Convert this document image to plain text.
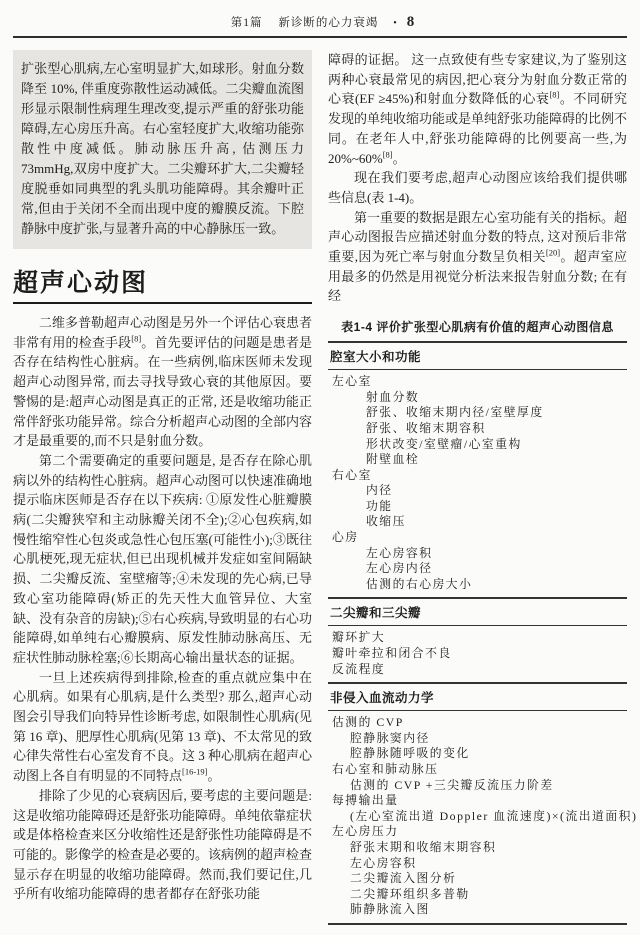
第1篇 新诊断的心力衰竭 • 8
扩张型心肌病,左心室明显扩大,如球形。射血分数降至 10%, 伴重度弥散性运动减低。二尖瓣血流图形显示限制性病理生理改变,提示严重的舒张功能障碍,左心房压升高。右心室轻度扩大,收缩功能弥散性中度减低。肺动脉压升高, 估测压力 73mmHg,双房中度扩大。二尖瓣环扩大,二尖瓣轻度脱垂如同典型的乳头肌功能障碍。其余瓣叶正常,但由于关闭不全而出现中度的瓣膜反流。下腔静脉中度扩张,与显著升高的中心静脉压一致。
超声心动图

二维多普勒超声心动图是另外一个评估心衰患者非常有用的检查手段[8]。首先要评估的问题是患者是否存在结构性心脏病。在一些病例,临床医师未发现超声心动图异常, 而去寻找导致心衰的其他原因。要警惕的是:超声心动图是真正的正常, 还是收缩功能正常伴舒张功能异常。综合分析超声心动图的全部内容才是最重要的,而不只是射血分数。

第二个需要确定的重要问题是, 是否存在除心肌病以外的结构性心脏病。超声心动图可以快速准确地提示临床医师是否存在以下疾病: ①原发性心脏瓣膜病(二尖瓣狭窄和主动脉瓣关闭不全);②心包疾病,如慢性缩窄性心包炎或急性心包压塞(可能性小);③既往心肌梗死,现无症状,但已出现机械并发症如室间隔缺损、二尖瓣反流、室壁瘤等;④未发现的先心病,已导致心室功能障碍(矫正的先天性大血管异位、大室缺、没有杂音的房缺);⑤右心疾病,导致明显的右心功能障碍,如单纯右心瓣膜病、原发性肺动脉高压、无症状性肺动脉栓塞;⑥长期高心输出量状态的证据。

一旦上述疾病得到排除,检查的重点就应集中在心肌病。如果有心肌病,是什么类型? 那么,超声心动图会引导我们向特异性诊断考虑, 如限制性心肌病(见第 16 章)、肥厚性心肌病(见第 13 章)、不太常见的致心律失常性右心室发育不良。这 3 种心肌病在超声心动图上各自有明显的不同特点[16-19]。

排除了少见的心衰病因后, 要考虑的主要问题是:这是收缩功能障碍还是舒张功能障碍。单纯依靠症状或是体格检查来区分收缩性还是舒张性功能障碍是不可能的。影像学的检查是必要的。该病例的超声检查显示存在明显的收缩功能障碍。然而,我们要记住,几乎所有收缩功能障碍的患者都存在舒张功能

障碍的证据。 这一点致使有些专家建议,为了鉴别这两种心衰最常见的病因,把心衰分为射血分数正常的心衰(EF ≥45%)和射血分数降低的心衰[8]。不同研究发现的单纯收缩功能或是单纯舒张功能障碍的比例不同。在老年人中,舒张功能障碍的比例要高一些,为20%~60%[8]。

现在我们要考虑,超声心动图应该给我们提供哪些信息(表 1-4)。

第一重要的数据是跟左心室功能有关的指标。超声心动图报告应描述射血分数的特点, 这对预后非常重要,因为死亡率与射血分数呈负相关[20]。超声室应用最多的仍然是用视觉分析法来报告射血分数; 在有经

表1-4 评价扩张型心肌病有价值的超声心动图信息
腔室大小和功能
左心室
射血分数
舒张、收缩末期内径/室壁厚度
舒张、收缩末期容积
形状改变/室壁瘤/心室重构
附壁血栓
右心室
内径
功能
收缩压
心房
左心房容积
左心房内径
估测的右心房大小
二尖瓣和三尖瓣
瓣环扩大
瓣叶牵拉和闭合不良
反流程度
非侵入血流动力学
估测的 CVP
腔静脉窦内径
腔静脉随呼吸的变化
右心室和肺动脉压
估测的 CVP +三尖瓣反流压力阶差
每搏输出量
(左心室流出道 Doppler 血流速度)×(流出道面积)
左心房压力
舒张末期和收缩末期容积
左心房容积
二尖瓣流入图分析
二尖瓣环组织多普勒
肺静脉流入图
